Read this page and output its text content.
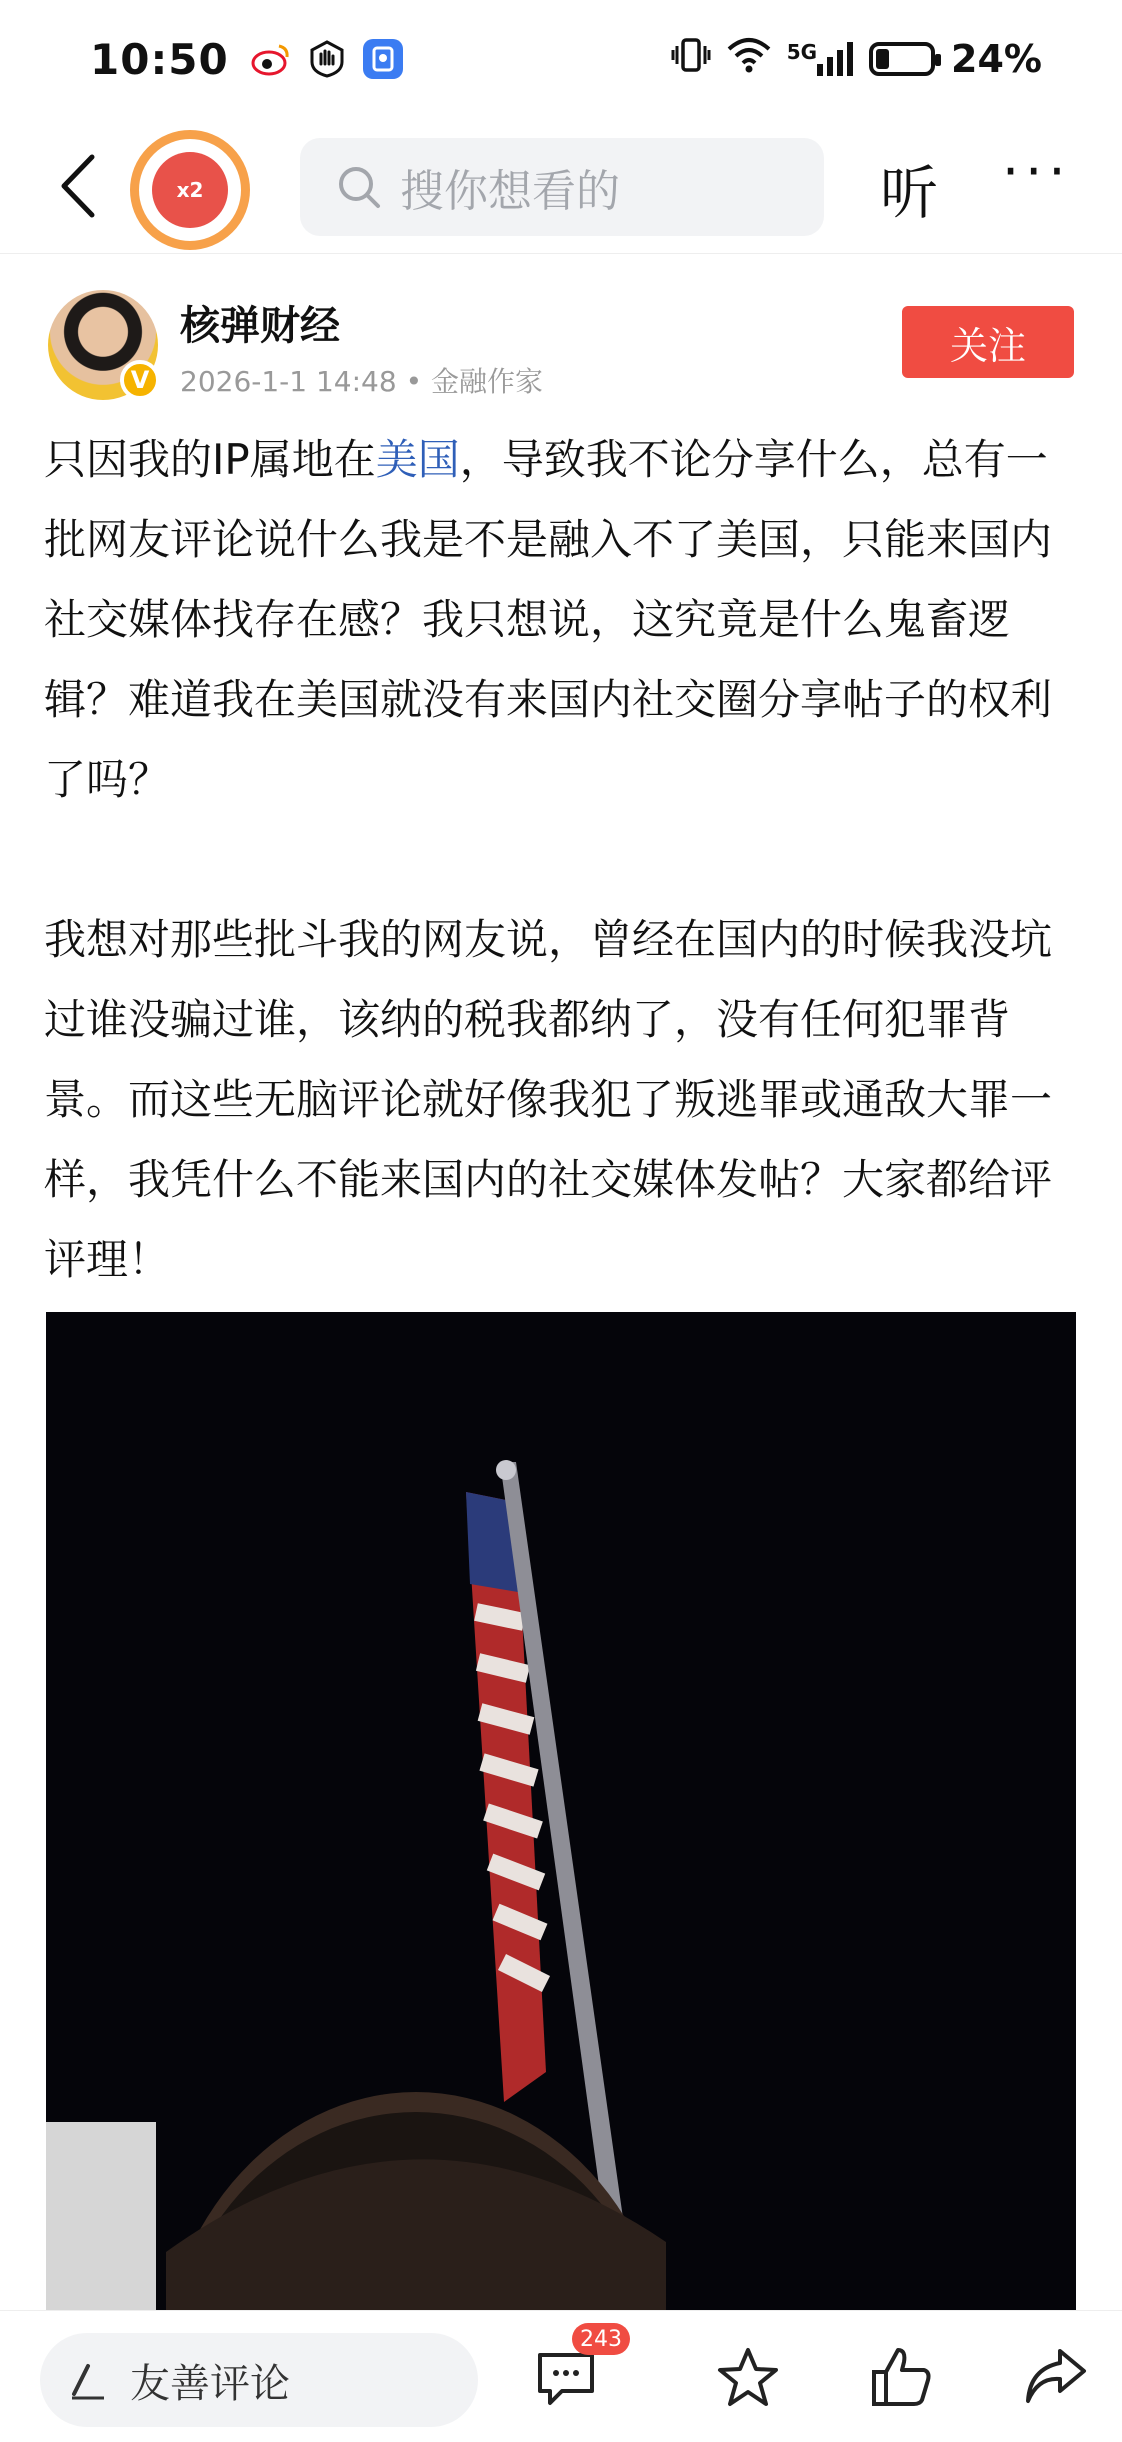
10:50	5G	24%
x2	搜你想看的	听 ···
V
核弹财经
2026-1-1 14:48 • 金融作家
关注

只因我的IP属地在美国，导致我不论分享什么，总有一批网友评论说什么我是不是融入不了美国，只能来国内社交媒体找存在感？我只想说，这究竟是什么鬼畜逻辑？难道我在美国就没有来国内社交圈分享帖子的权利了吗？

我想对那些批斗我的网友说，曾经在国内的时候我没坑过谁没骗过谁，该纳的税我都纳了，没有任何犯罪背景。而这些无脑评论就好像我犯了叛逃罪或通敌大罪一样，我凭什么不能来国内的社交媒体发帖？大家都给评评理！

友善评论
243
